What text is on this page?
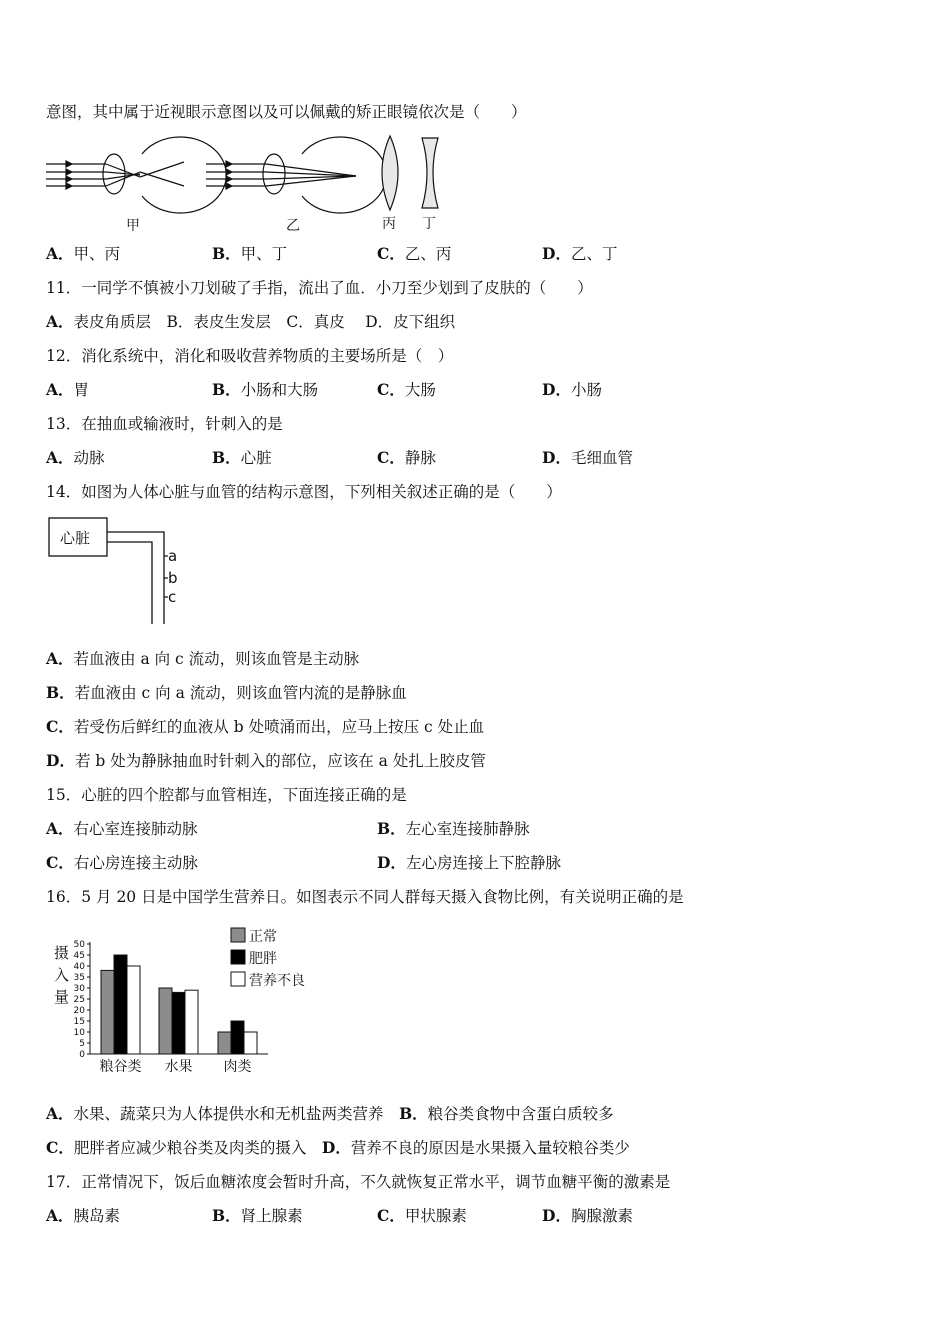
意图，其中属于近视眼示意图以及可以佩戴的矫正眼镜依次是（　　）
甲	乙	丙 丁
A．甲、丙	B．甲、丁	C．乙、丙	D．乙、丁
11．一同学不慎被小刀划破了手指，流出了血．小刀至少划到了皮肤的（　　）
A．表皮角质层　B．表皮生发层　C．真皮　 D．皮下组织
12．消化系统中，消化和吸收营养物质的主要场所是（　）
A．胃	B．小肠和大肠	C．大肠	D．小肠
13．在抽血或输液时，针刺入的是
A．动脉	B．心脏	C．静脉	D．毛细血管
14．如图为人体心脏与血管的结构示意图，下列相关叙述正确的是（　　）
心脏
a
b
c
A．若血液由 a 向 c 流动，则该血管是主动脉
B．若血液由 c 向 a 流动，则该血管内流的是静脉血
C．若受伤后鲜红的血液从 b 处喷涌而出，应马上按压 c 处止血
D．若 b 处为静脉抽血时针刺入的部位，应该在 a 处扎上胶皮管
15．心脏的四个腔都与血管相连，下面连接正确的是
A．右心室连接肺动脉	B．左心室连接肺静脉
C．右心房连接主动脉	D．左心房连接上下腔静脉
16．5 月 20 日是中国学生营养日。如图表示不同人群每天摄入食物比例，有关说明正确的是
摄
入
量
0
5
10
15
20
25
30
35
40
45
50
粮谷类 水果 肉类
正常
肥胖
营养不良
A．水果、蔬菜只为人体提供水和无机盐两类营养　 B．粮谷类食物中含蛋白质较多
C．肥胖者应减少粮谷类及肉类的摄入　 D．营养不良的原因是水果摄入量较粮谷类少
17．正常情况下，饭后血糖浓度会暂时升高，不久就恢复正常水平，调节血糖平衡的激素是
A．胰岛素	B．肾上腺素	C．甲状腺素	D．胸腺激素
